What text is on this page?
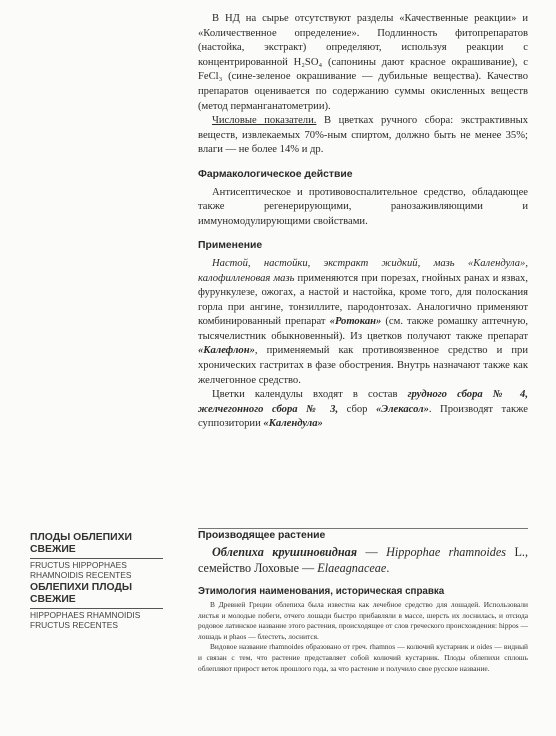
В НД на сырье отсутствуют разделы «Качественные реакции» и «Количественное определение». Подлинность фитопрепаратов (настойка, экстракт) определяют, используя реакции с концентрированной H₂SO₄ (сапонины дают красное окрашивание), с FeCl₃ (сине-зеленое окрашивание — дубильные вещества). Качество препаратов оценивается по содержанию суммы окисленных веществ (метод перманганатометрии).

Числовые показатели. В цветках ручного сбора: экстрактивных веществ, извлекаемых 70%-ным спиртом, должно быть не менее 35%; влаги — не более 14% и др.

Фармакологическое действие

Антисептическое и противовоспалительное средство, обладающее также регенерирующими, ранозаживляющими и иммуномодулирующими свойствами.

Применение

Настой, настойки, экстракт жидкий, мазь «Календула», калофилленовая мазь применяются при порезах, гнойных ранах и язвах, фурункулезе, ожогах, а настой и настойка, кроме того, для полоскания горла при ангине, тонзиллите, пародонтозах. Аналогично применяют комбинированный препарат «Ротокан» (см. также ромашку аптечную, тысячелистник обыкновенный). Из цветков получают также препарат «Калефлон», применяемый как противоязвенное средство и при хронических гастритах в фазе обострения. Внутрь назначают также как желчегонное средство.

Цветки календулы входят в состав грудного сбора № 4, желчегонного сбора № 3, сбор «Элекасол». Производят также суппозитории «Календула»

Производящее растение
Облепиха крушиновидная — Hippophae rhamnoides L., семейство Лоховые — Elaeagnaceae.
Этимология наименования, историческая справка

В Древней Греции облепиха была известна как лечебное средство для лошадей. Использовали листья и молодые побеги, отчего лошади быстро прибавляли в массе, шерсть их лоснилась, и отсюда родовое латинское название этого растения, происходящее от слов греческого происхождения: hippos — лошадь и phaos — блестеть, лоснится.

Видовое название rhamnoides образовано от греч. rhamnos — колючий кустарник и oides — видный и связан с тем, что растение представляет собой колючий кустарник. Плоды облепихи сплошь облепляют прирост веток прошлого года, за что растение и получило свое русское название.

ПЛОДЫ ОБЛЕПИХИ СВЕЖИЕ
FRUCTUS HIPPOPHAES RHAMNOIDIS RECENTES
ОБЛЕПИХИ ПЛОДЫ СВЕЖИЕ
HIPPOPHAES RHAMNOIDIS FRUCTUS RECENTES
